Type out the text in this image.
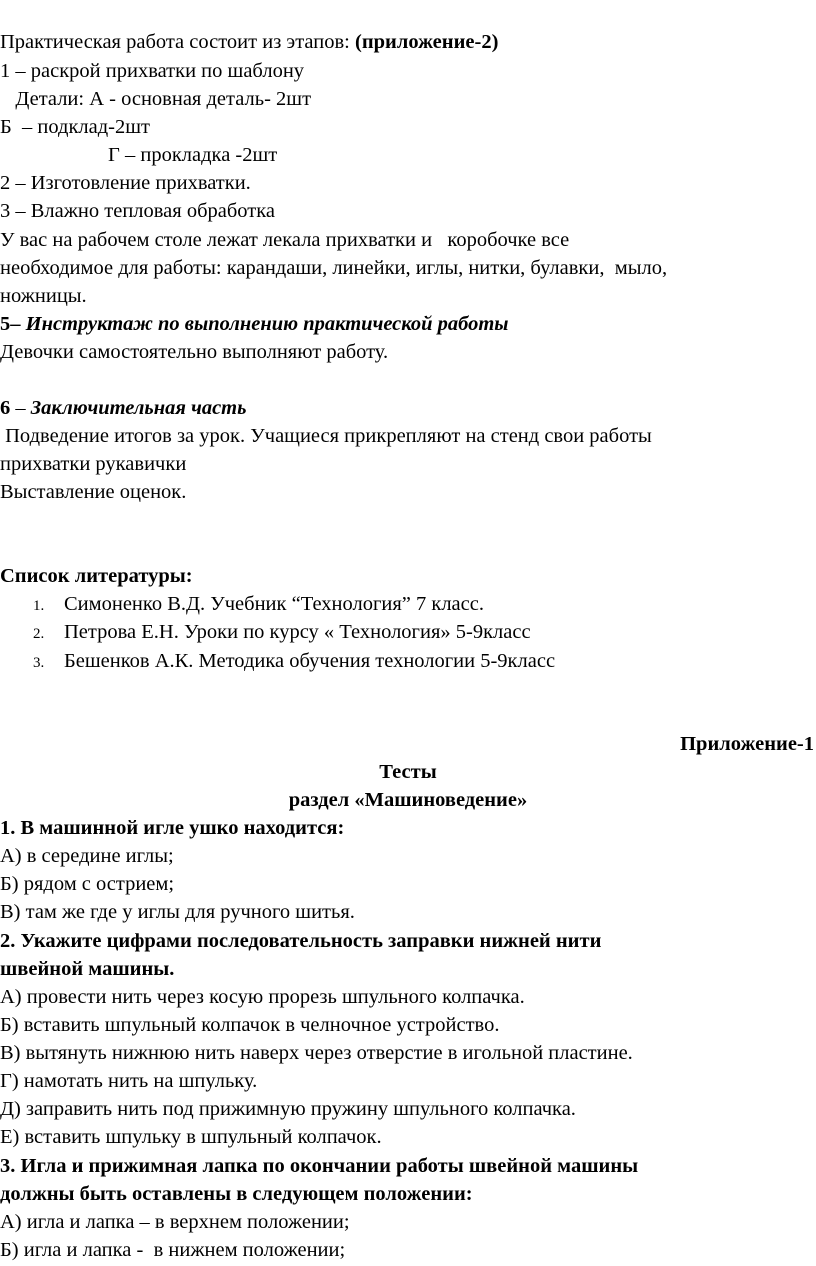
Практическая работа состоит из этапов: (приложение-2)
1 – раскрой прихватки по шаблону
Детали: А - основная деталь- 2шт
Б  – подклад-2шт
Г – прокладка -2шт
2 – Изготовление прихватки.
3 – Влажно тепловая обработка
У вас на рабочем столе лежат лекала прихватки и   коробочке все
необходимое для работы: карандаши, линейки, иглы, нитки, булавки,  мыло,
ножницы.
5– Инструктаж по выполнению практической работы
Девочки самостоятельно выполняют работу.
6 – Заключительная часть
Подведение итогов за урок. Учащиеся прикрепляют на стенд свои работы
прихватки рукавички
Выставление оценок.
Список литературы:
1. Симоненко В.Д. Учебник “Технология” 7 класс.
2. Петрова Е.Н. Уроки по курсу « Технология» 5-9класс
3. Бешенков А.К. Методика обучения технологии 5-9класс
Приложение-1
Тесты
раздел «Машиноведение»
1. В машинной игле ушко находится:
А) в середине иглы;
Б) рядом с острием;
В) там же где у иглы для ручного шитья.
2. Укажите цифрами последовательность заправки нижней нити
швейной машины.
А) провести нить через косую прорезь шпульного колпачка.
Б) вставить шпульный колпачок в челночное устройство.
В) вытянуть нижнюю нить наверх через отверстие в игольной пластине.
Г) намотать нить на шпульку.
Д) заправить нить под прижимную пружину шпульного колпачка.
Е) вставить шпульку в шпульный колпачок.
3. Игла и прижимная лапка по окончании работы швейной машины
должны быть оставлены в следующем положении:
А) игла и лапка – в верхнем положении;
Б) игла и лапка -  в нижнем положении;
